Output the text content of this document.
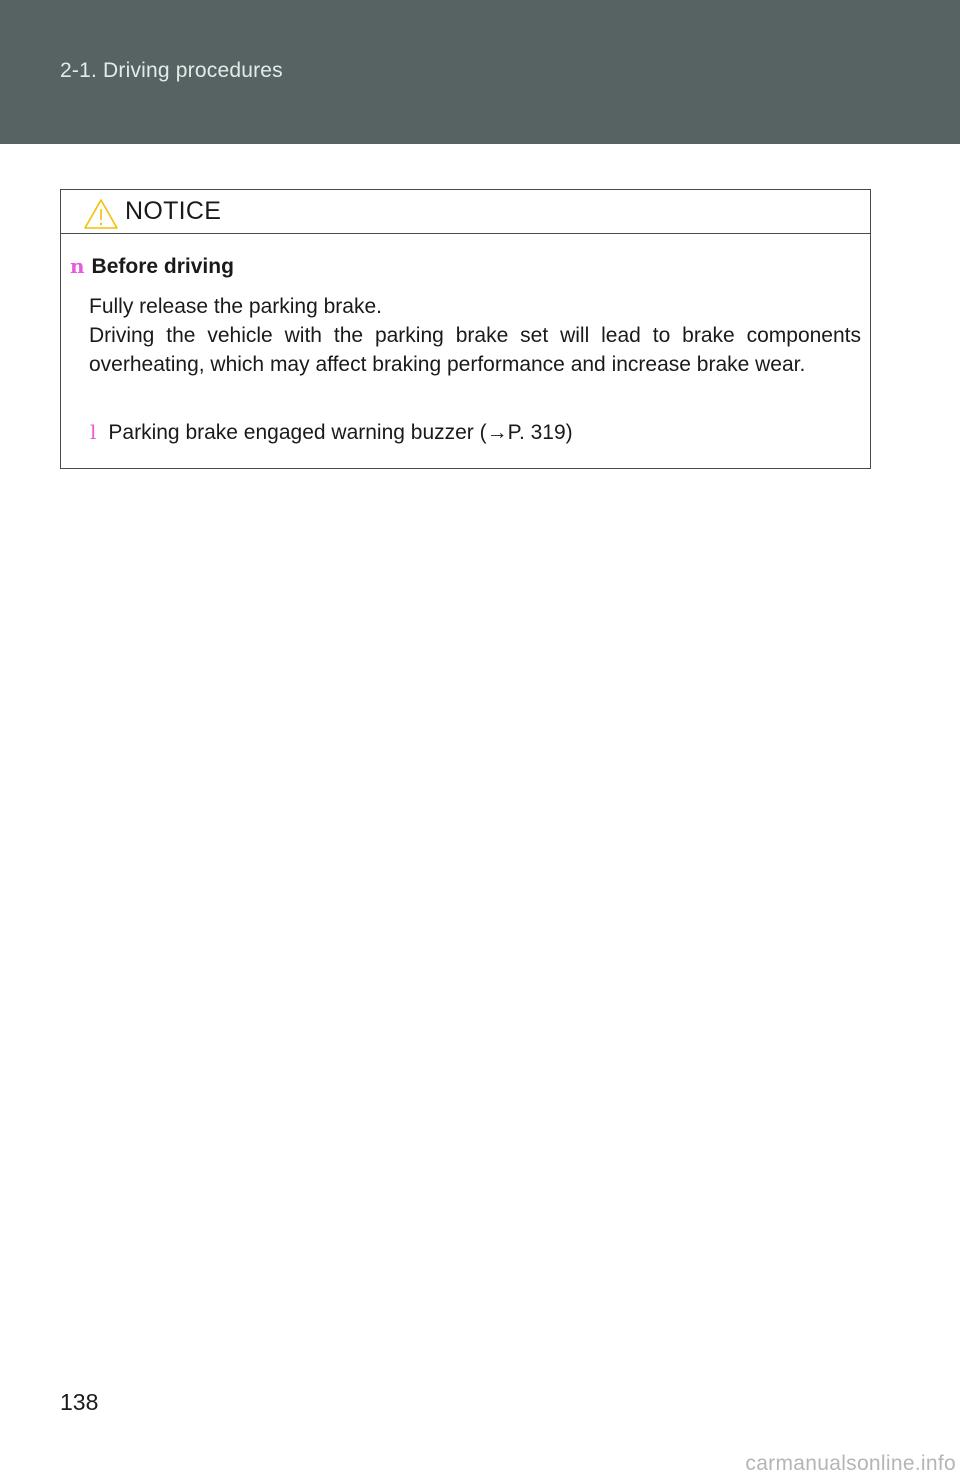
2-1. Driving procedures
NOTICE
n Before driving

Fully release the parking brake.

Driving the vehicle with the parking brake set will lead to brake components overheating, which may affect braking performance and increase brake wear.

l Parking brake engaged warning buzzer (→P. 319)
138
carmanualsonline.info
